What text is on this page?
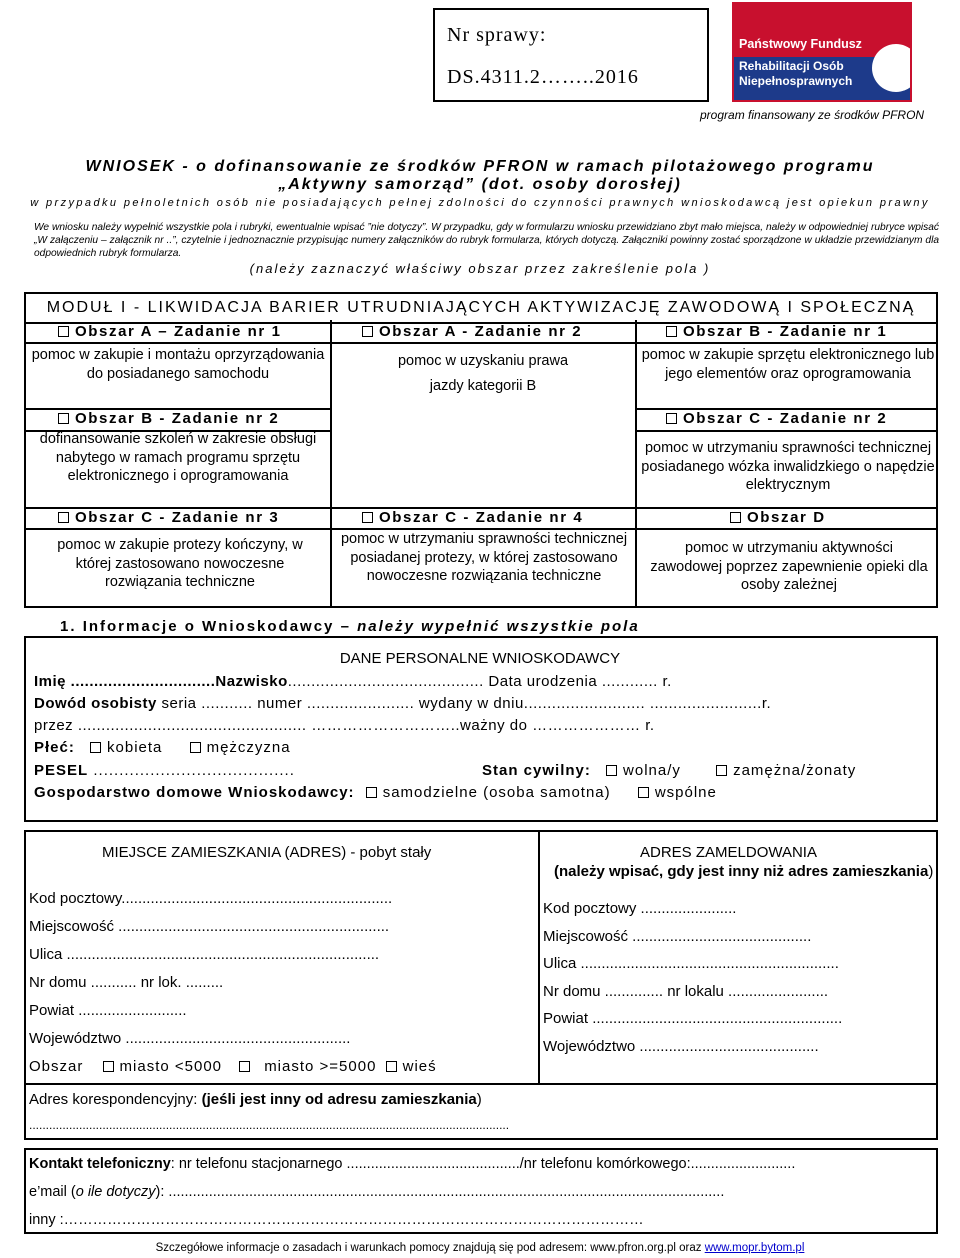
Nr sprawy:
DS.4311.2……..2016
Państwowy Fundusz
Rehabilitacji Osób
Niepełnosprawnych
program finansowany ze środków PFRON
WNIOSEK - o dofinansowanie ze środków PFRON w ramach pilotażowego programu
„Aktywny samorząd” (dot. osoby dorosłej)
w przypadku pełnoletnich osób nie posiadających pełnej zdolności do czynności prawnych wnioskodawcą jest opiekun prawny
We wniosku należy wypełnić wszystkie pola i rubryki, ewentualnie wpisać ”nie dotyczy”. W przypadku, gdy w formularzu wniosku przewidziano zbyt mało miejsca, należy w odpowiedniej rubryce wpisać „W załączeniu – załącznik nr ..”, czytelnie i jednoznacznie przypisując numery załączników do rubryk formularza, których dotyczą. Załączniki powinny zostać sporządzone w układzie przewidzianym dla odpowiednich rubryk formularza.
(należy zaznaczyć właściwy obszar przez zakreślenie pola )
MODUŁ I - LIKWIDACJA BARIER UTRUDNIAJĄCYCH AKTYWIZACJĘ ZAWODOWĄ I SPOŁECZNĄ
Obszar A – Zadanie nr 1
pomoc w zakupie i montażu oprzyrządowania do posiadanego samochodu
Obszar A - Zadanie nr 2
pomoc w uzyskaniu prawa
jazdy kategorii B
Obszar B - Zadanie nr 1
pomoc w zakupie sprzętu elektronicznego lub jego elementów oraz oprogramowania
Obszar B - Zadanie nr 2
dofinansowanie szkoleń w zakresie obsługi nabytego w ramach programu sprzętu elektronicznego i oprogramowania
Obszar C - Zadanie nr 2
pomoc w utrzymaniu sprawności technicznej posiadanego wózka inwalidzkiego o napędzie elektrycznym
Obszar C - Zadanie nr 3
pomoc w zakupie protezy kończyny, w której zastosowano nowoczesne rozwiązania techniczne
Obszar C - Zadanie nr 4
pomoc w utrzymaniu sprawności technicznej posiadanej protezy, w której zastosowano nowoczesne rozwiązania techniczne
Obszar D
pomoc w utrzymaniu aktywności zawodowej poprzez zapewnienie opieki dla osoby zależnej
1. Informacje o Wnioskodawcy – należy wypełnić wszystkie pola
DANE PERSONALNE WNIOSKODAWCY
Imię ...............................Nazwisko.......................................... Data urodzenia ............ r.
Dowód osobisty seria ........... numer ....................... wydany w dniu.......................... ........................r.
przez ................................................. ………………………..ważny do ………………… r.
Płeć: kobieta	mężczyzna
PESEL .......................................	Stan cywilny: wolna/y	zamężna/żonaty
Gospodarstwo domowe Wnioskodawcy: samodzielne (osoba samotna)	wspólne
MIEJSCE ZAMIESZKANIA (ADRES) - pobyt stały
Kod pocztowy.................................................................
Miejscowość .................................................................
Ulica ...........................................................................
Nr domu ........... nr lok. .........
Powiat ..........................
Województwo ......................................................
Obszar miasto <5000	miasto >=5000 wieś
ADRES ZAMELDOWANIA
(należy wpisać, gdy jest inny niż adres zamieszkania)
Kod pocztowy .......................
Miejscowość ...........................................
Ulica ..............................................................
Nr domu .............. nr lokalu ........................
Powiat ............................................................
Województwo ...........................................
Adres korespondencyjny: (jeśli jest inny od adresu zamieszkania)
................................................................................................................................................
Kontakt telefoniczny: nr telefonu stacjonarnego .........................................../nr telefonu komórkowego:..........................
e’mail (o ile dotyczy): ..........................................................................................................................................
inny :…………………………………………………………………………………………………………
Szczegółowe informacje o zasadach i warunkach pomocy znajdują się pod adresem: www.pfron.org.pl oraz www.mopr.bytom.pl
